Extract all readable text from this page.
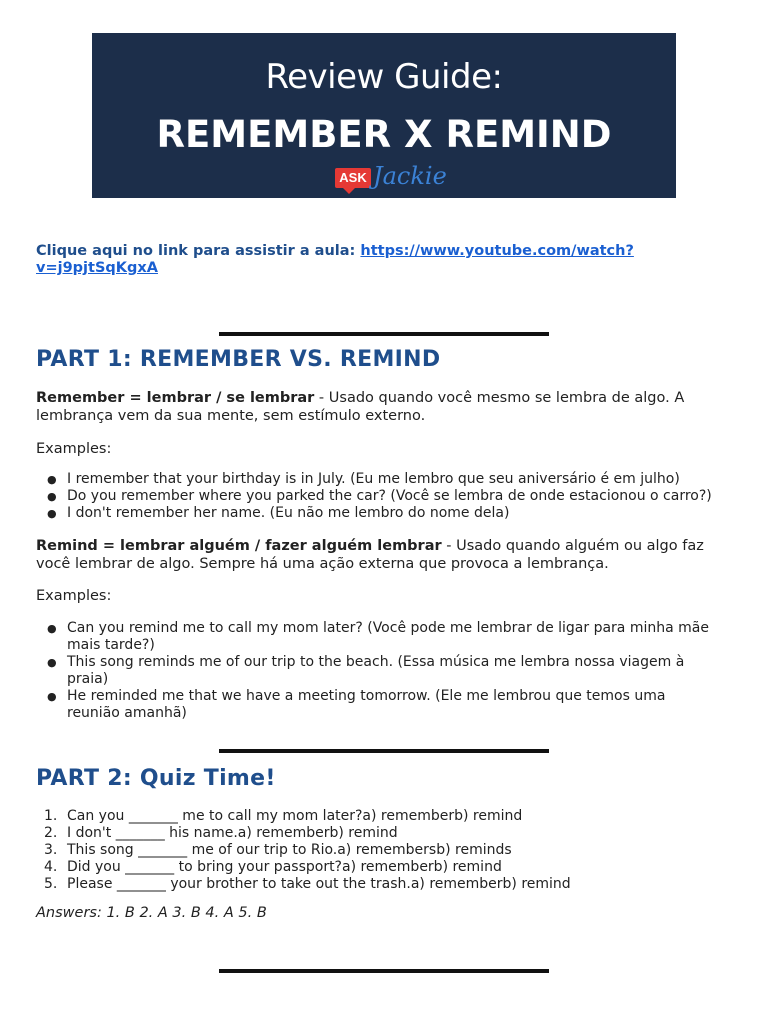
Review Guide:
REMEMBER X REMIND
ASK Jackie
Clique aqui no link para assistir a aula: https://www.youtube.com/watch?v=j9pjtSqKgxA
PART 1: REMEMBER VS. REMIND
Remember = lembrar / se lembrar - Usado quando você mesmo se lembra de algo. A lembrança vem da sua mente, sem estímulo externo.
Examples:
● I remember that your birthday is in July. (Eu me lembro que seu aniversário é em julho)
● Do you remember where you parked the car? (Você se lembra de onde estacionou o carro?)
● I don't remember her name. (Eu não me lembro do nome dela)
Remind = lembrar alguém / fazer alguém lembrar - Usado quando alguém ou algo faz você lembrar de algo. Sempre há uma ação externa que provoca a lembrança.
Examples:
● Can you remind me to call my mom later? (Você pode me lembrar de ligar para minha mãe mais tarde?)
● This song reminds me of our trip to the beach. (Essa música me lembra nossa viagem à praia)
● He reminded me that we have a meeting tomorrow. (Ele me lembrou que temos uma reunião amanhã)
PART 2: Quiz Time!
1. Can you _______ me to call my mom later?a) rememberb) remind
2. I don't _______ his name.a) rememberb) remind
3. This song _______ me of our trip to Rio.a) remembersb) reminds
4. Did you _______ to bring your passport?a) rememberb) remind
5. Please _______ your brother to take out the trash.a) rememberb) remind
Answers: 1. B 2. A 3. B 4. A 5. B
